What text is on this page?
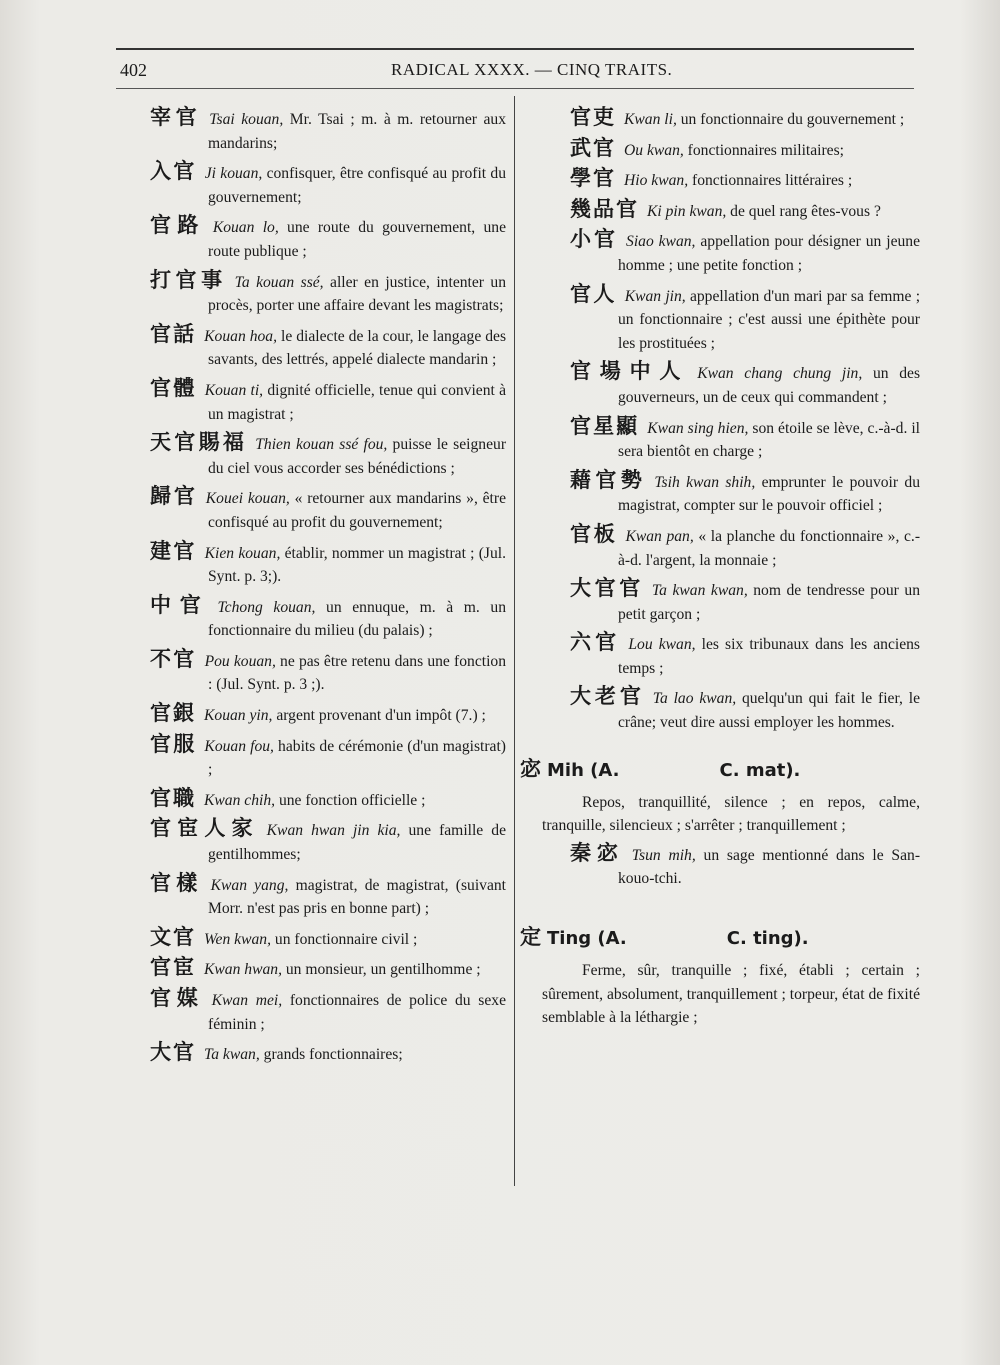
402	RADICAL XXXX. — CINQ TRAITS.
宰官 Tsai kouan, Mr. Tsai ; m. à m. retourner aux mandarins;
入官 Ji kouan, confisquer, être confisqué au profit du gouvernement;
官路 Kouan lo, une route du gouvernement, une route publique ;
打官事 Ta kouan ssé, aller en justice, intenter un procès, porter une affaire devant les magistrats;
官話 Kouan hoa, le dialecte de la cour, le langage des savants, des lettrés, appelé dialecte mandarin ;
官體 Kouan ti, dignité officielle, tenue qui convient à un magistrat ;
天官賜福 Thien kouan ssé fou, puisse le seigneur du ciel vous accorder ses bénédictions ;
歸官 Kouei kouan, « retourner aux mandarins », être confisqué au profit du gouvernement;
建官 Kien kouan, établir, nommer un magistrat ; (Jul. Synt. p. 3;).
中官 Tchong kouan, un ennuque, m. à m. un fonctionnaire du milieu (du palais) ;
不官 Pou kouan, ne pas être retenu dans une fonction : (Jul. Synt. p. 3 ;).
官銀 Kouan yin, argent provenant d'un impôt (7.) ;
官服 Kouan fou, habits de cérémonie (d'un magistrat) ;
官職 Kwan chih, une fonction officielle ;
官宦人家 Kwan hwan jin kia, une famille de gentilhommes;
官樣 Kwan yang, magistrat, de magistrat, (suivant Morr. n'est pas pris en bonne part) ;
文官 Wen kwan, un fonctionnaire civil ;
官宦 Kwan hwan, un monsieur, un gentilhomme ;
官媒 Kwan mei, fonctionnaires de police du sexe féminin ;
大官 Ta kwan, grands fonctionnaires;
官吏 Kwan li, un fonctionnaire du gouvernement ;
武官 Ou kwan, fonctionnaires militaires;
學官 Hio kwan, fonctionnaires littéraires ;
幾品官 Ki pin kwan, de quel rang êtes-vous ?
小官 Siao kwan, appellation pour désigner un jeune homme ; une petite fonction ;
官人 Kwan jin, appellation d'un mari par sa femme ; un fonctionnaire ; c'est aussi une épithète pour les prostituées ;
官場中人 Kwan chang chung jin, un des gouverneurs, un de ceux qui commandent ;
官星顯 Kwan sing hien, son étoile se lève, c.-à-d. il sera bientôt en charge ;
藉官勢 Tsih kwan shih, emprunter le pouvoir du magistrat, compter sur le pouvoir officiel ;
官板 Kwan pan, « la planche du fonctionnaire », c.-à-d. l'argent, la monnaie ;
大官官 Ta kwan kwan, nom de tendresse pour un petit garçon ;
六官 Lou kwan, les six tribunaux dans les anciens temps ;
大老官 Ta lao kwan, quelqu'un qui fait le fier, le crâne; veut dire aussi employer les hommes.
宓 Mih (A.	C. mat).
Repos, tranquillité, silence ; en repos, calme, tranquille, silencieux ; s'arrêter ; tranquillement ;
秦宓 Tsun mih, un sage mentionné dans le San-kouo-tchi.
定 Ting (A.	C. ting).
Ferme, sûr, tranquille ; fixé, établi ; certain ; sûrement, absolument, tranquillement ; torpeur, état de fixité semblable à la léthargie ;
